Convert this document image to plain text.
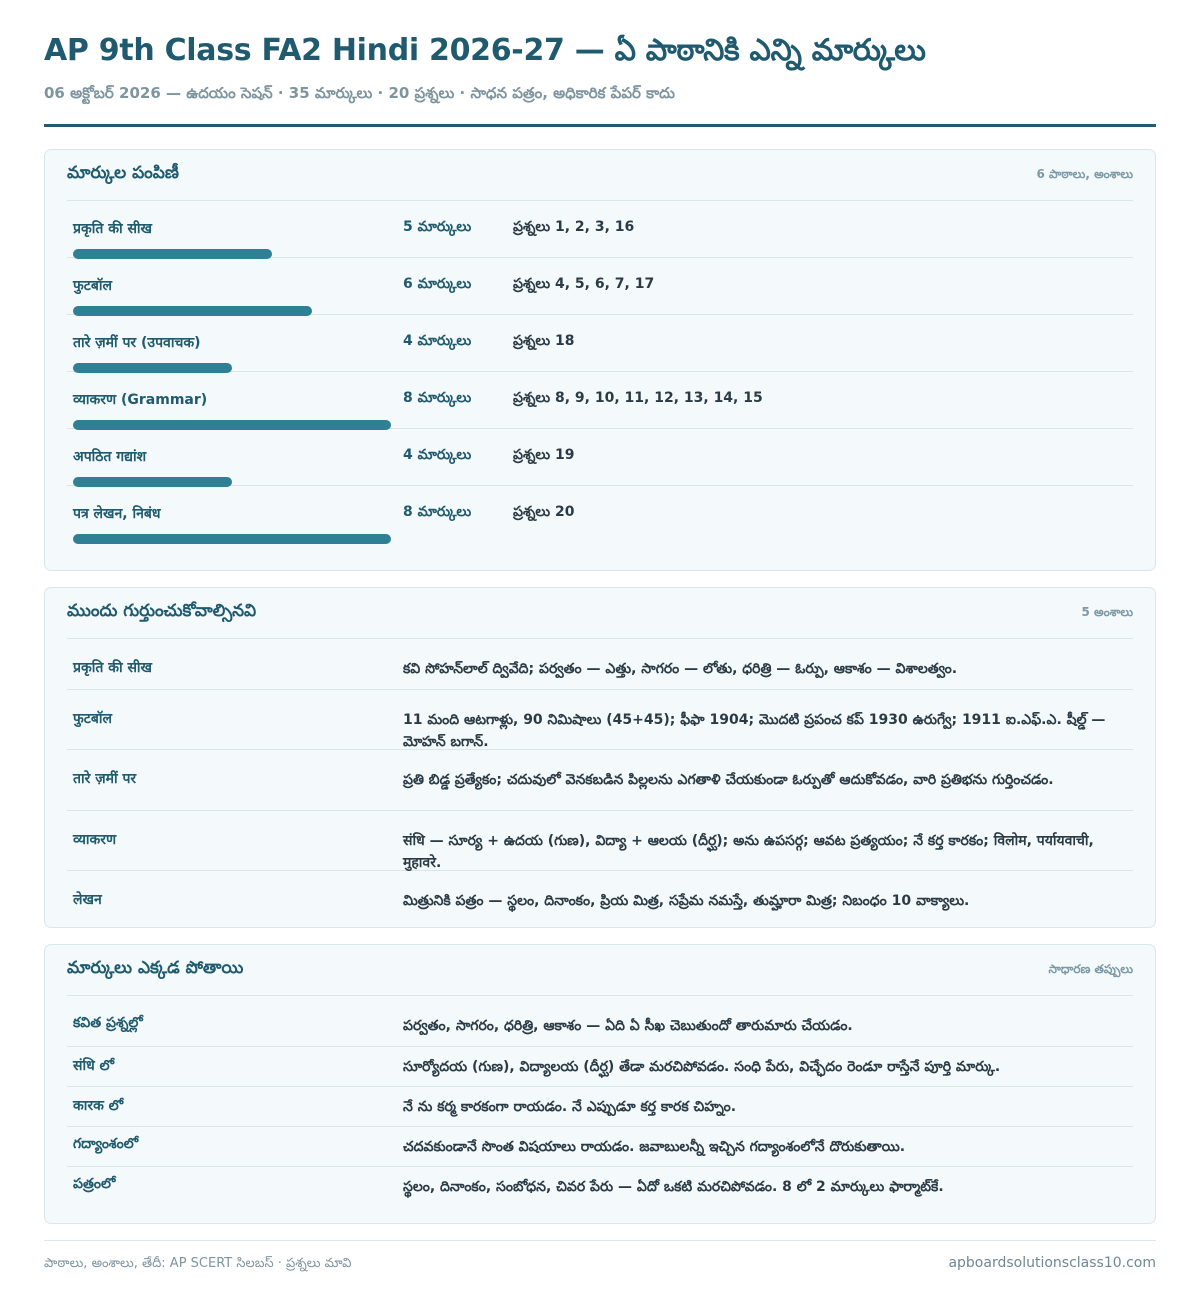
AP 9th Class FA2 Hindi 2026-27 — ఏ పాఠానికి ఎన్ని మార్కులు
06 అక్టోబర్ 2026 — ఉదయం సెషన్ · 35 మార్కులు · 20 ప్రశ్నలు · సాధన పత్రం, అధికారిక పేపర్ కాదు
మార్కుల పంపిణీ	6 పాఠాలు, అంశాలు
प्रकृति की सीख	5 మార్కులు	ప్రశ్నలు 1, 2, 3, 16
फुटबॉल	6 మార్కులు	ప్రశ్నలు 4, 5, 6, 7, 17
तारे ज़मीं पर (उपवाचक)	4 మార్కులు	ప్రశ్నలు 18
व्याकरण (Grammar)	8 మార్కులు	ప్రశ్నలు 8, 9, 10, 11, 12, 13, 14, 15
अपठित गद्यांश	4 మార్కులు	ప్రశ్నలు 19
पत्र लेखन, निबंध	8 మార్కులు	ప్రశ్నలు 20
ముందు గుర్తుంచుకోవాల్సినవి	5 అంశాలు
प्रकृति की सीख	కవి సోహన్‌లాల్ ద్వివేది; పర్వతం — ఎత్తు, సాగరం — లోతు, ధరిత్రి — ఓర్పు, ఆకాశం — విశాలత్వం.
फुटबॉल	11 మంది ఆటగాళ్లు, 90 నిమిషాలు (45+45); ఫీఫా 1904; మొదటి ప్రపంచ కప్ 1930 ఉరుగ్వే; 1911 ఐ.ఎఫ్.ఎ. షీల్డ్ — మోహన్ బగాన్.
तारे ज़मीं पर	ప్రతి బిడ్డ ప్రత్యేకం; చదువులో వెనకబడిన పిల్లలను ఎగతాళి చేయకుండా ఓర్పుతో ఆదుకోవడం, వారి ప్రతిభను గుర్తించడం.
व्याकरण	संधि — సూర్య + ఉదయ (గుణ), విద్యా + ఆలయ (దీర్ఘ); అను ఉపసర్గ; ఆవట ప్రత్యయం; నే కర్త కారకం; विलोम, पर्यायवाची, मुहावरे.
लेखन	మిత్రునికి పత్రం — స్థలం, దినాంకం, ప్రియ మిత్ర, సప్రేమ నమస్తే, తుమ్హారా మిత్ర; నిబంధం 10 వాక్యాలు.
మార్కులు ఎక్కడ పోతాయి	సాధారణ తప్పులు
కవిత ప్రశ్నల్లో	పర్వతం, సాగరం, ధరిత్రి, ఆకాశం — ఏది ఏ సీఖ చెబుతుందో తారుమారు చేయడం.
संधि లో	సూర్యోదయ (గుణ), విద్యాలయ (దీర్ఘ) తేడా మరచిపోవడం. సంధి పేరు, విచ్ఛేదం రెండూ రాస్తేనే పూర్తి మార్కు.
कारक లో	నే ను కర్మ కారకంగా రాయడం. నే ఎప్పుడూ కర్త కారక చిహ్నం.
గద్యాంశంలో	చదవకుండానే సొంత విషయాలు రాయడం. జవాబులన్నీ ఇచ్చిన గద్యాంశంలోనే దొరుకుతాయి.
పత్రంలో	స్థలం, దినాంకం, సంబోధన, చివర పేరు — ఏదో ఒకటి మరచిపోవడం. 8 లో 2 మార్కులు ఫార్మాట్‌కే.
పాఠాలు, అంశాలు, తేదీ: AP SCERT సిలబస్ · ప్రశ్నలు మావి	apboardsolutionsclass10.com
